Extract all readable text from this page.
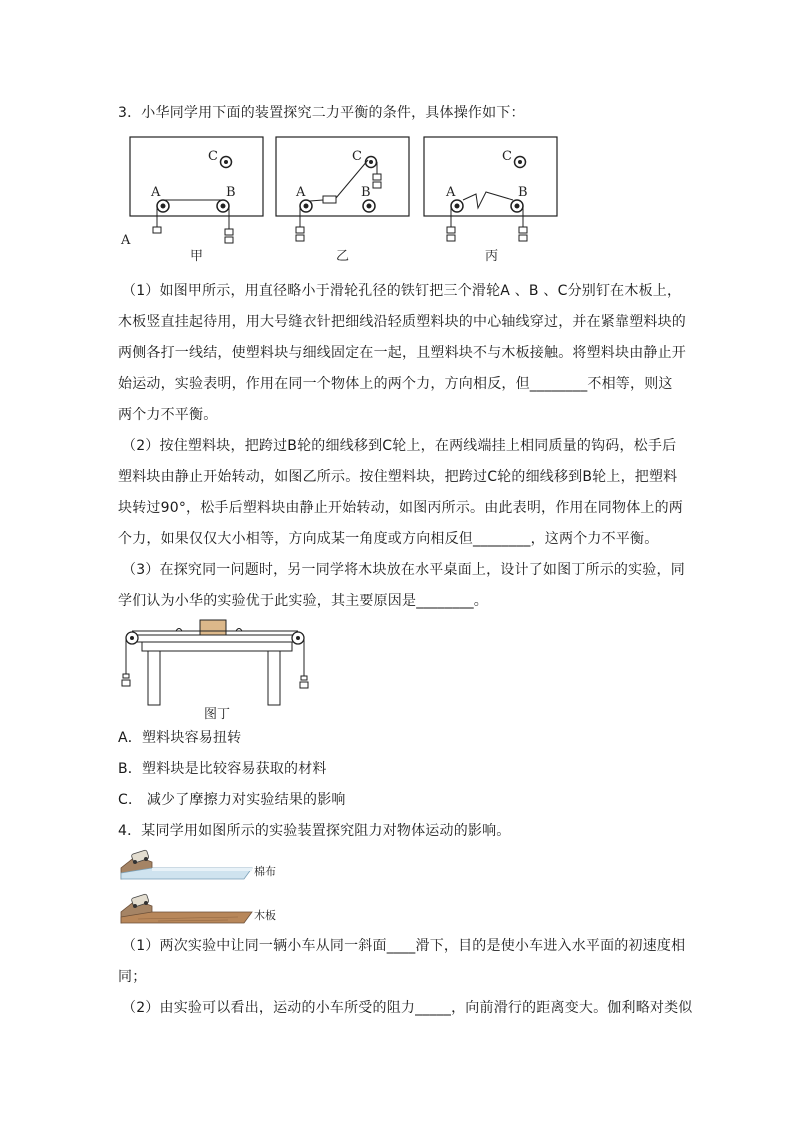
3．小华同学用下面的装置探究二力平衡的条件，具体操作如下：
C
A	B
A
甲
C
A	B
乙
C
A	B
丙
（1）如图甲所示，用直径略小于滑轮孔径的铁钉把三个滑轮A 、B 、C分别钉在木板上，
木板竖直挂起待用，用大号缝衣针把细线沿轻质塑料块的中心轴线穿过，并在紧靠塑料块的
两侧各打一线结，使塑料块与细线固定在一起，且塑料块不与木板接触。将塑料块由静止开
始运动，实验表明，作用在同一个物体上的两个力，方向相反，但________不相等，则这
两个力不平衡。
（2）按住塑料块，把跨过B轮的细线移到C轮上，在两线端挂上相同质量的钩码，松手后
塑料块由静止开始转动，如图乙所示。按住塑料块，把跨过C轮的细线移到B轮上，把塑料
块转过90°，松手后塑料块由静止开始转动，如图丙所示。由此表明，作用在同物体上的两
个力，如果仅仅大小相等，方向成某一角度或方向相反但________，这两个力不平衡。
（3）在探究同一问题时，另一同学将木块放在水平桌面上，设计了如图丁所示的实验，同
学们认为小华的实验优于此实验，其主要原因是________。
图丁
A．塑料块容易扭转
B．塑料块是比较容易获取的材料
C． 减少了摩擦力对实验结果的影响
4．某同学用如图所示的实验装置探究阻力对物体运动的影响。
棉布
木板
（1）两次实验中让同一辆小车从同一斜面____滑下，目的是使小车进入水平面的初速度相
同；
（2）由实验可以看出，运动的小车所受的阻力_____，向前滑行的距离变大。伽利略对类似
